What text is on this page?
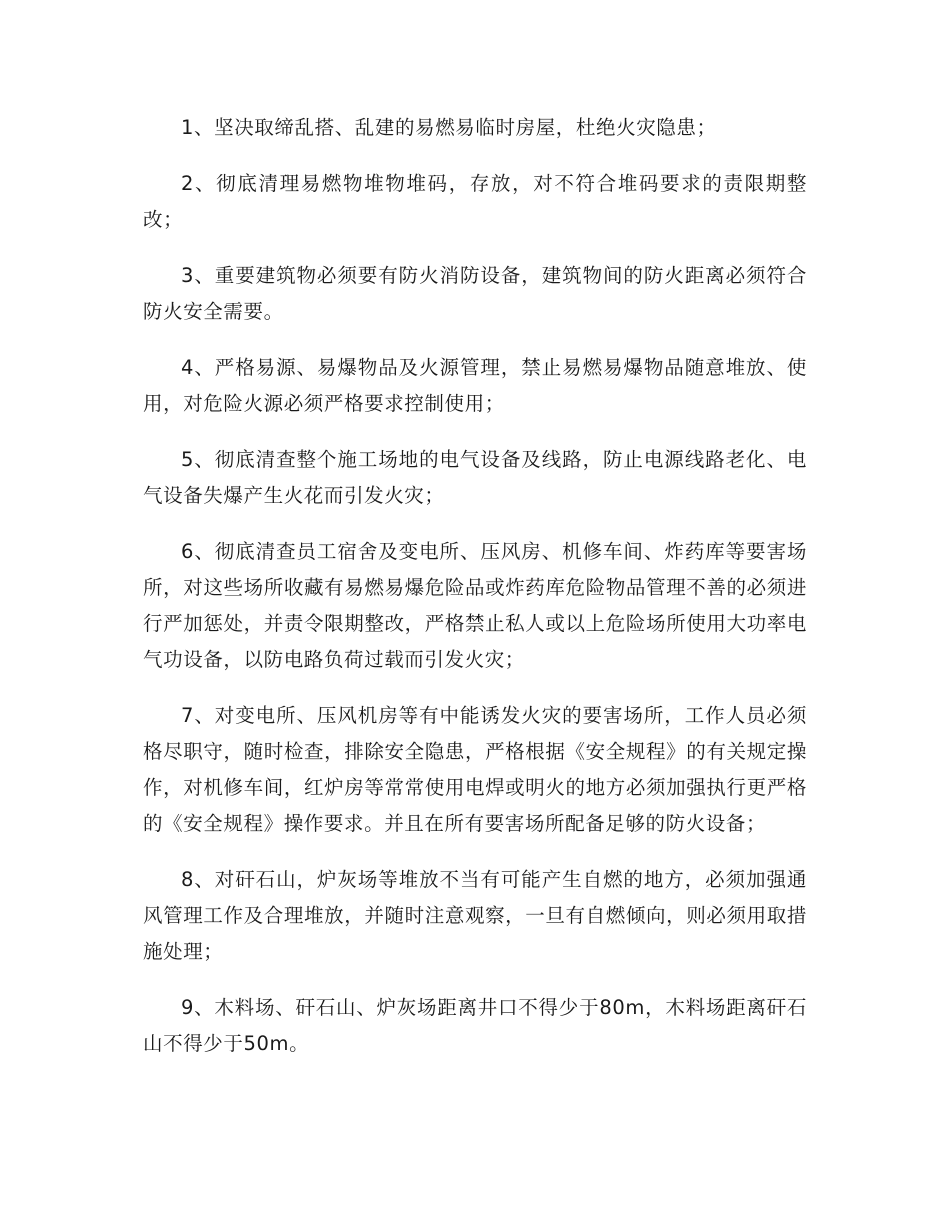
1、坚决取缔乱搭、乱建的易燃易临时房屋，杜绝火灾隐患；

2、彻底清理易燃物堆物堆码，存放，对不符合堆码要求的责限期整改；

3、重要建筑物必须要有防火消防设备，建筑物间的防火距离必须符合防火安全需要。

4、严格易源、易爆物品及火源管理，禁止易燃易爆物品随意堆放、使用，对危险火源必须严格要求控制使用；

5、彻底清查整个施工场地的电气设备及线路，防止电源线路老化、电气设备失爆产生火花而引发火灾；

6、彻底清查员工宿舍及变电所、压风房、机修车间、炸药库等要害场所，对这些场所收藏有易燃易爆危险品或炸药库危险物品管理不善的必须进行严加惩处，并责令限期整改，严格禁止私人或以上危险场所使用大功率电气功设备，以防电路负荷过载而引发火灾；

7、对变电所、压风机房等有中能诱发火灾的要害场所，工作人员必须格尽职守，随时检查，排除安全隐患，严格根据《安全规程》的有关规定操作，对机修车间，红炉房等常常使用电焊或明火的地方必须加强执行更严格的《安全规程》操作要求。并且在所有要害场所配备足够的防火设备；

8、对矸石山，炉灰场等堆放不当有可能产生自燃的地方，必须加强通风管理工作及合理堆放，并随时注意观察，一旦有自燃倾向，则必须用取措施处理；

9、木料场、矸石山、炉灰场距离井口不得少于80m，木料场距离矸石山不得少于50m。
